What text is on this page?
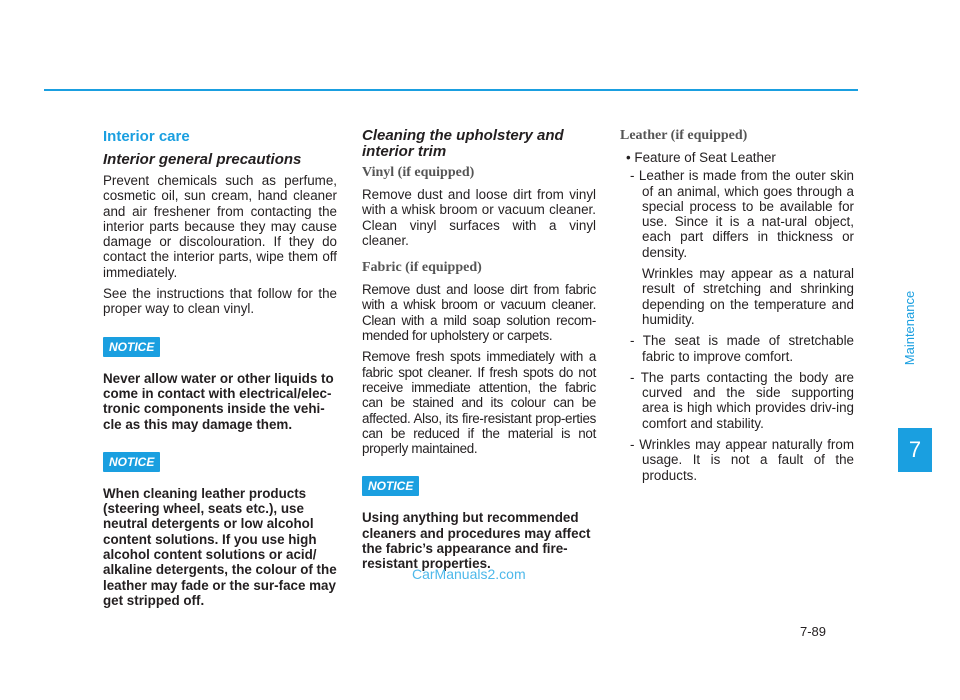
Interior care
Interior general precautions

Prevent chemicals such as perfume, cosmetic oil, sun cream, hand cleaner and air freshener from contacting the interior parts because they may cause damage or discolouration. If they do contact the interior parts, wipe them off immediately.

See the instructions that follow for the proper way to clean vinyl.

NOTICE
Never allow water or other liquids to come in contact with electrical/elec-tronic components inside the vehi-cle as this may damage them.
NOTICE
When cleaning leather products (steering wheel, seats etc.), use neutral detergents or low alcohol content solutions. If you use high alcohol content solutions or acid/ alkaline detergents, the colour of the leather may fade or the sur-face may get stripped off.
Cleaning the upholstery and interior trim
Vinyl (if equipped)

Remove dust and loose dirt from vinyl with a whisk broom or vacuum cleaner. Clean vinyl surfaces with a vinyl cleaner.

Fabric (if equipped)

Remove dust and loose dirt from fabric with a whisk broom or vacuum cleaner. Clean with a mild soap solution recom-mended for upholstery or carpets.

Remove fresh spots immediately with a fabric spot cleaner. If fresh spots do not receive immediate attention, the fabric can be stained and its colour can be affected. Also, its fire-resistant prop-erties can be reduced if the material is not properly maintained.

NOTICE
Using anything but recommended cleaners and procedures may affect the fabric’s appearance and fire-resistant properties.
Leather (if equipped)
• Feature of Seat Leather
- Leather is made from the outer skin of an animal, which goes through a special process to be available for use. Since it is a nat-ural object, each part differs in thickness or density.
Wrinkles may appear as a natural result of stretching and shrinking depending on the temperature and humidity.
- The seat is made of stretchable fabric to improve comfort.
- The parts contacting the body are curved and the side supporting area is high which provides driv-ing comfort and stability.
- Wrinkles may appear naturally from usage. It is not a fault of the products.
Maintenance
7
7-89
CarManuals2.com
